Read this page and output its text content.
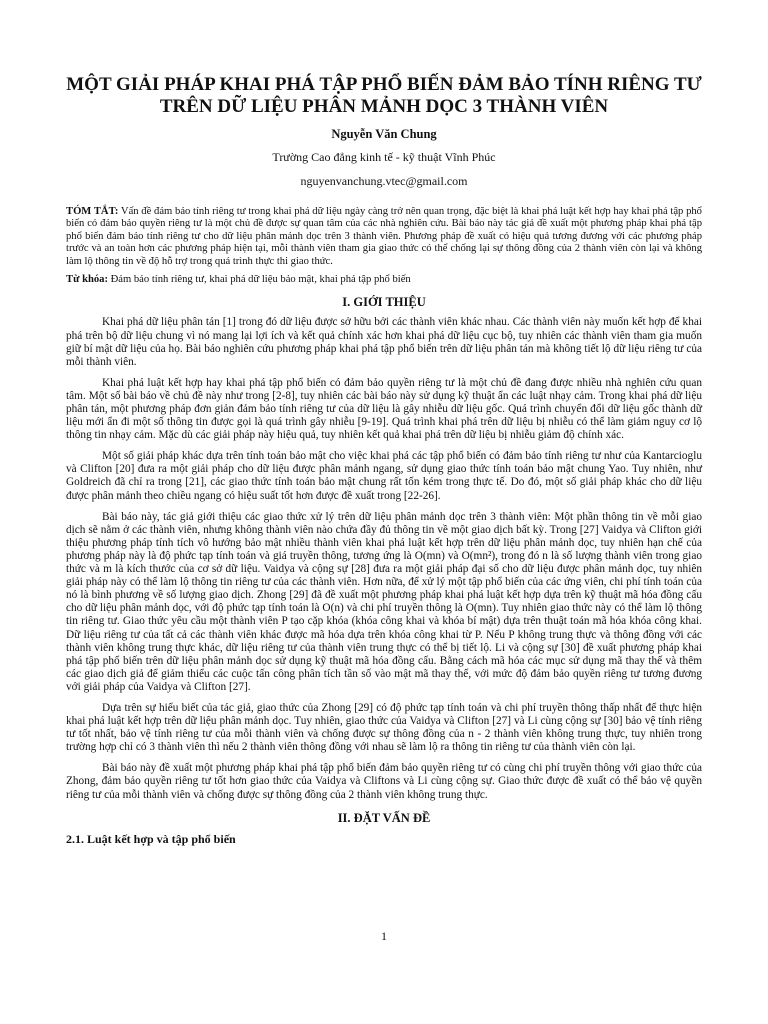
MỘT GIẢI PHÁP KHAI PHÁ TẬP PHỔ BIẾN ĐẢM BẢO TÍNH RIÊNG TƯ
TRÊN DỮ LIỆU PHÂN MẢNH DỌC 3 THÀNH VIÊN
Nguyễn Văn Chung
Trường Cao đẳng kinh tế - kỹ thuật Vĩnh Phúc
nguyenvanchung.vtec@gmail.com
TÓM TẮT: Vấn đề đảm bảo tính riêng tư trong khai phá dữ liệu ngày càng trở nên quan trọng, đặc biệt là khai phá luật kết hợp hay khai phá tập phổ biến có đảm bảo quyền riêng tư là một chủ đề được sự quan tâm của các nhà nghiên cứu. Bài báo này tác giả đề xuất một phương pháp khai phá tập phổ biến đảm bảo tính riêng tư cho dữ liệu phân mảnh dọc trên 3 thành viên. Phương pháp đề xuất có hiệu quả tương đương với các phương pháp trước và an toàn hơn các phương pháp hiện tại, mỗi thành viên tham gia giao thức có thể chống lại sự thông đồng của 2 thành viên còn lại và không làm lộ thông tin về độ hỗ trợ trong quá trình thực thi giao thức.
Từ khóa: Đảm bảo tính riêng tư, khai phá dữ liệu bảo mật, khai phá tập phổ biến
I. GIỚI THIỆU

Khai phá dữ liệu phân tán [1] trong đó dữ liệu được sở hữu bởi các thành viên khác nhau. Các thành viên này muốn kết hợp để khai phá trên bộ dữ liệu chung vì nó mang lại lợi ích và kết quả chính xác hơn khai phá dữ liệu cục bộ, tuy nhiên các thành viên tham gia muốn giữ bí mật dữ liệu của họ. Bài báo nghiên cứu phương pháp khai phá tập phổ biến trên dữ liệu phân tán mà không tiết lộ dữ liệu riêng tư của mỗi thành viên.

Khai phá luật kết hợp hay khai phá tập phổ biến có đảm bảo quyền riêng tư là một chủ đề đang được nhiều nhà nghiên cứu quan tâm. Một số bài báo về chủ đề này như trong [2-8], tuy nhiên các bài báo này sử dụng kỹ thuật ẩn các luật nhạy cảm. Trong khai phá dữ liệu phân tán, một phương pháp đơn giản đảm bảo tính riêng tư của dữ liệu là gây nhiễu dữ liệu gốc. Quá trình chuyển đổi dữ liệu gốc thành dữ liệu mới ẩn đi một số thông tin được gọi là quá trình gây nhiễu [9-19]. Quá trình khai phá trên dữ liệu bị nhiễu có thể làm giảm nguy cơ lộ thông tin nhạy cảm. Mặc dù các giải pháp này hiệu quả, tuy nhiên kết quả khai phá trên dữ liệu bị nhiễu giảm độ chính xác.

Một số giải pháp khác dựa trên tính toán bảo mật cho việc khai phá các tập phổ biến có đảm bảo tính riêng tư như của Kantarcioglu và Clifton [20] đưa ra một giải pháp cho dữ liệu được phân mảnh ngang, sử dụng giao thức tính toán bảo mật chung Yao. Tuy nhiên, như Goldreich đã chỉ ra trong [21], các giao thức tính toán bảo mật chung rất tốn kém trong thực tế. Do đó, một số giải pháp khác cho dữ liệu được phân mảnh theo chiều ngang có hiệu suất tốt hơn được đề xuất trong [22-26].

Bài báo này, tác giả giới thiệu các giao thức xử lý trên dữ liệu phân mảnh dọc trên 3 thành viên: Một phần thông tin về mỗi giao dịch sẽ nằm ở các thành viên, nhưng không thành viên nào chứa đầy đủ thông tin về một giao dịch bất kỳ. Trong [27] Vaidya và Clifton giới thiệu phương pháp tính tích vô hướng bảo mật nhiều thành viên khai phá luật kết hợp trên dữ liệu phân mảnh dọc, tuy nhiên hạn chế của phương pháp này là độ phức tạp tính toán và giá truyền thông, tương ứng là O(mn) và O(mn²), trong đó n là số lượng thành viên trong giao thức và m là kích thước của cơ sở dữ liệu. Vaidya và cộng sự [28] đưa ra một giải pháp đại số cho dữ liệu được phân mảnh dọc, tuy nhiên giải pháp này có thể làm lộ thông tin riêng tư của các thành viên. Hơn nữa, để xử lý một tập phổ biến của các ứng viên, chi phí tính toán của nó là bình phương về số lượng giao dịch. Zhong [29] đã đề xuất một phương pháp khai phá luật kết hợp dựa trên kỹ thuật mã hóa đồng cấu cho dữ liệu phân mảnh dọc, với độ phức tạp tính toán là O(n) và chi phí truyền thông là O(mn). Tuy nhiên giao thức này có thể làm lộ thông tin riêng tư. Giao thức yêu cầu một thành viên P tạo cặp khóa (khóa công khai và khóa bí mật) dựa trên thuật toán mã hóa khóa công khai. Dữ liệu riêng tư của tất cả các thành viên khác được mã hóa dựa trên khóa công khai từ P. Nếu P không trung thực và thông đồng với các thành viên không trung thực khác, dữ liệu riêng tư của thành viên trung thực có thể bị tiết lộ. Li và cộng sự [30] đề xuất phương pháp khai phá tập phổ biến trên dữ liệu phân mảnh dọc sử dụng kỹ thuật mã hóa đồng cấu. Bằng cách mã hóa các mục sử dụng mã thay thế và thêm các giao dịch giả để giảm thiểu các cuộc tấn công phân tích tần số vào mật mã thay thế, với mức độ đảm bảo quyền riêng tư tương đương với giải pháp của Vaidya và Clifton [27].

Dựa trên sự hiểu biết của tác giả, giao thức của Zhong [29] có độ phức tạp tính toán và chi phí truyền thông thấp nhất để thực hiện khai phá luật kết hợp trên dữ liệu phân mảnh dọc. Tuy nhiên, giao thức của Vaidya và Clifton [27] và Li cùng cộng sự [30] bảo vệ tính riêng tư tốt nhất, bảo vệ tính riêng tư của mỗi thành viên và chống được sự thông đồng của n - 2 thành viên không trung thực, tuy nhiên trong trường hợp chỉ có 3 thành viên thì nếu 2 thành viên thông đồng với nhau sẽ làm lộ ra thông tin riêng tư của thành viên còn lại.

Bài báo này đề xuất một phương pháp khai phá tập phổ biến đảm bảo quyền riêng tư có cùng chi phí truyền thông với giao thức của Zhong, đảm bảo quyền riêng tư tốt hơn giao thức của Vaidya và Cliftons và Li cùng cộng sự. Giao thức được đề xuất có thể bảo vệ quyền riêng tư của mỗi thành viên và chống được sự thông đồng của 2 thành viên không trung thực.

II. ĐẶT VẤN ĐỀ
2.1. Luật kết hợp và tập phổ biến
1
